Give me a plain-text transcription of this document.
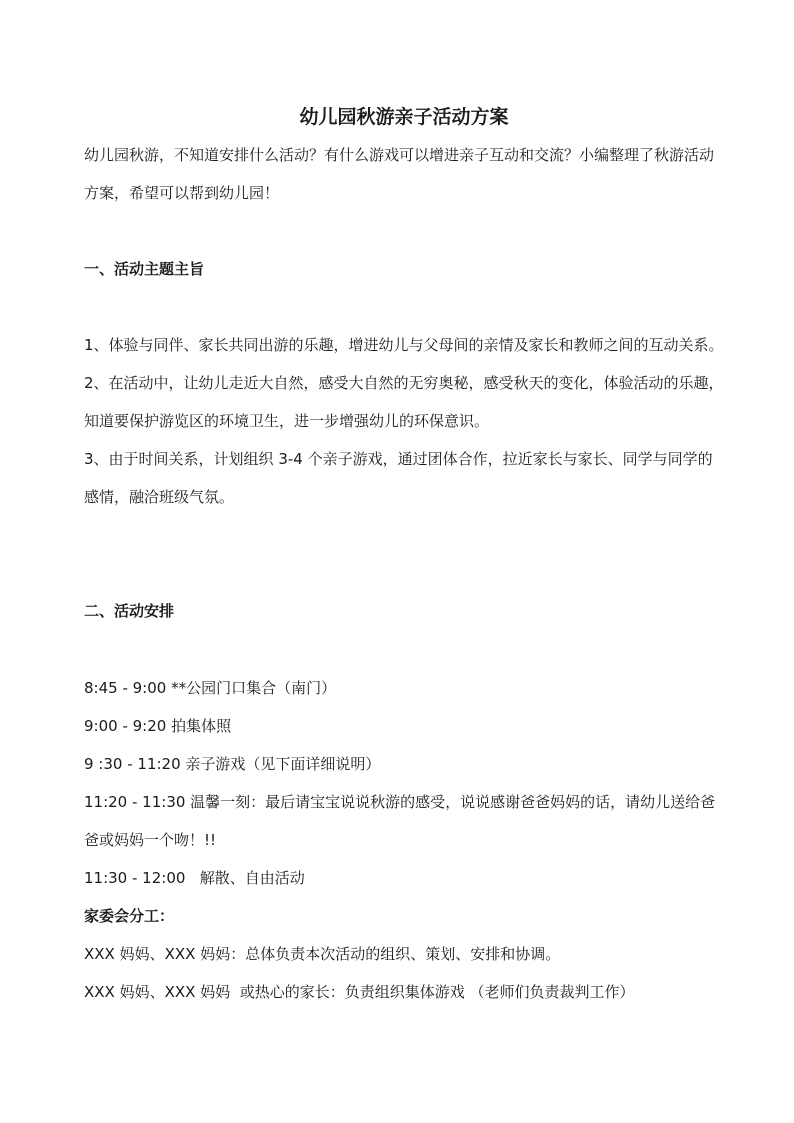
幼儿园秋游亲子活动方案

幼儿园秋游，不知道安排什么活动？有什么游戏可以增进亲子互动和交流？小编整理了秋游活动方案，希望可以帮到幼儿园！

一、活动主题主旨

1、体验与同伴、家长共同出游的乐趣，增进幼儿与父母间的亲情及家长和教师之间的互动关系。

2、在活动中，让幼儿走近大自然，感受大自然的无穷奥秘，感受秋天的变化，体验活动的乐趣，知道要保护游览区的环境卫生，进一步增强幼儿的环保意识。

3、由于时间关系，计划组织 3-4 个亲子游戏，通过团体合作，拉近家长与家长、同学与同学的感情，融洽班级气氛。

二、活动安排

8:45 - 9:00 **公园门口集合（南门）

9:00 - 9:20 拍集体照

9 :30 - 11:20 亲子游戏（见下面详细说明）

11:20 - 11:30 温馨一刻：最后请宝宝说说秋游的感受，说说感谢爸爸妈妈的话，请幼儿送给爸爸或妈妈一个吻！!!

11:30 - 12:00   解散、自由活动

家委会分工：

XXX 妈妈、XXX 妈妈：总体负责本次活动的组织、策划、安排和协调。

XXX 妈妈、XXX 妈妈  或热心的家长：负责组织集体游戏 （老师们负责裁判工作）
